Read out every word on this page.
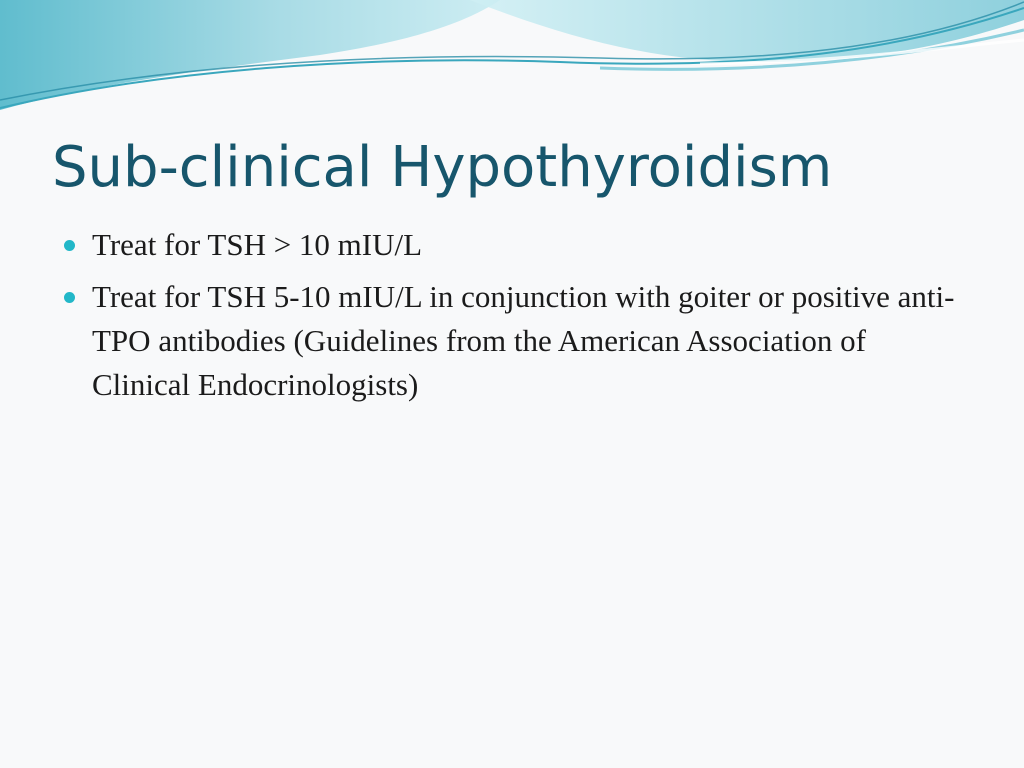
Sub-clinical Hypothyroidism
Treat for TSH > 10 mIU/L
Treat for TSH 5-10 mIU/L in conjunction with goiter or positive anti-TPO antibodies (Guidelines from the American Association of Clinical Endocrinologists)
